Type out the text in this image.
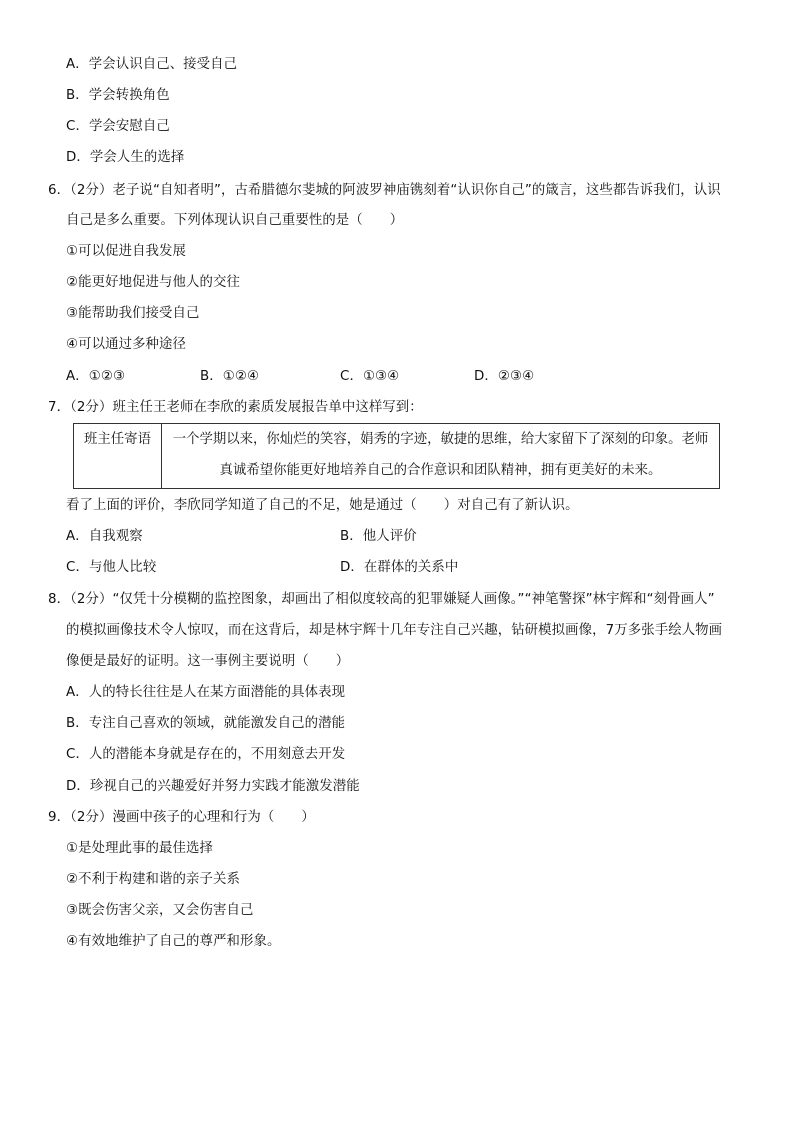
A．学会认识自己、接受自己
B．学会转换角色
C．学会安慰自己
D．学会人生的选择
6．（2分）老子说“自知者明”，古希腊德尔斐城的阿波罗神庙镌刻着“认识你自己”的箴言，这些都告诉我们，认识
自己是多么重要。下列体现认识自己重要性的是（　　）
①可以促进自我发展
②能更好地促进与他人的交往
③能帮助我们接受自己
④可以通过多种途径
A．①②③	B．①②④	C．①③④	D．②③④
7．（2分）班主任王老师在李欣的素质发展报告单中这样写到：
班主任寄语	一个学期以来，你灿烂的笑容，娟秀的字迹，敏捷的思维，给大家留下了深刻的印象。老师
真诚希望你能更好地培养自己的合作意识和团队精神，拥有更美好的未来。
看了上面的评价，李欣同学知道了自己的不足，她是通过（　　）对自己有了新认识。
A．自我观察	B．他人评价
C．与他人比较	D．在群体的关系中
8．（2分）“仅凭十分模糊的监控图象，却画出了相似度较高的犯罪嫌疑人画像。”“神笔警探”林宇辉和“刻骨画人”
的模拟画像技术令人惊叹，而在这背后，却是林宇辉十几年专注自己兴趣，钻研模拟画像，7万多张手绘人物画
像便是最好的证明。这一事例主要说明（　　）
A．人的特长往往是人在某方面潜能的具体表现
B．专注自己喜欢的领域，就能激发自己的潜能
C．人的潜能本身就是存在的，不用刻意去开发
D．珍视自己的兴趣爱好并努力实践才能激发潜能
9．（2分）漫画中孩子的心理和行为（　　）
①是处理此事的最佳选择
②不利于构建和谐的亲子关系
③既会伤害父亲，又会伤害自己
④有效地维护了自己的尊严和形象。
